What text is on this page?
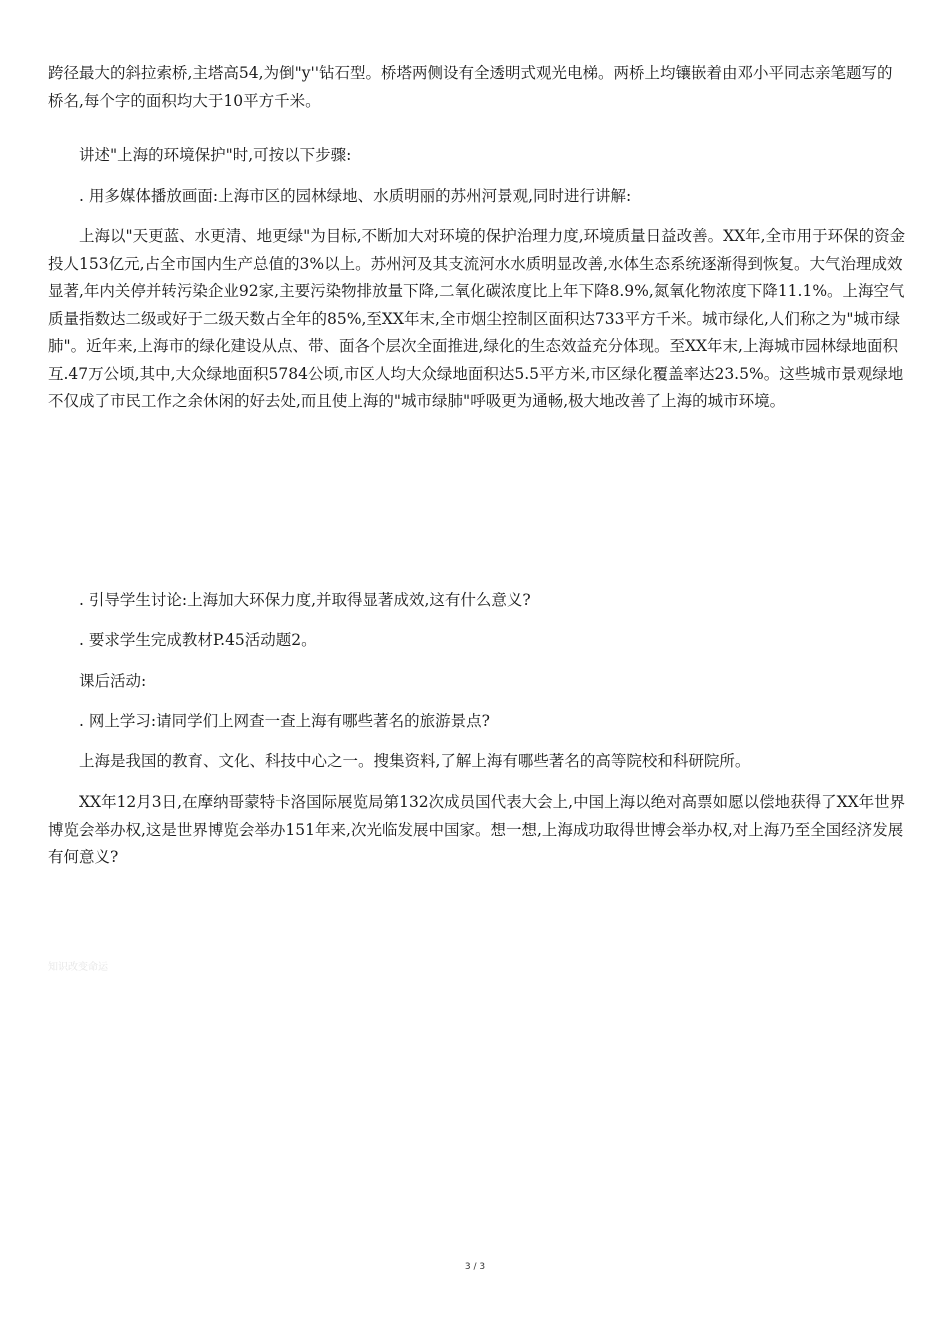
跨径最大的斜拉索桥,主塔高54,为倒"y''钻石型。桥塔两侧设有全透明式观光电梯。两桥上均镶嵌着由邓小平同志亲笔题写的桥名,每个字的面积均大于10平方千米。

讲述"上海的环境保护"时,可按以下步骤:

. 用多媒体播放画面:上海市区的园林绿地、水质明丽的苏州河景观,同时进行讲解:

上海以"天更蓝、水更清、地更绿"为目标,不断加大对环境的保护治理力度,环境质量日益改善。XX年,全市用于环保的资金投人153亿元,占全市国内生产总值的3%以上。苏州河及其支流河水水质明显改善,水体生态系统逐渐得到恢复。大气治理成效显著,年内关停并转污染企业92家,主要污染物排放量下降,二氧化碳浓度比上年下降8.9%,氮氧化物浓度下降11.1%。上海空气质量指数达二级或好于二级天数占全年的85%,至XX年末,全市烟尘控制区面积达733平方千米。城市绿化,人们称之为"城市绿肺"。近年来,上海市的绿化建设从点、带、面各个层次全面推进,绿化的生态效益充分体现。至XX年末,上海城市园林绿地面积互.47万公顷,其中,大众绿地面积5784公顷,市区人均大众绿地面积达5.5平方米,市区绿化覆盖率达23.5%。这些城市景观绿地不仅成了市民工作之余休闲的好去处,而且使上海的"城市绿肺"呼吸更为通畅,极大地改善了上海的城市环境。

. 引导学生讨论:上海加大环保力度,并取得显著成效,这有什么意义?

. 要求学生完成教材P.45活动题2。

课后活动:

. 网上学习:请同学们上网查一查上海有哪些著名的旅游景点?

上海是我国的教育、文化、科技中心之一。搜集资料,了解上海有哪些著名的高等院校和科研院所。

XX年12月3日,在摩纳哥蒙特卡洛国际展览局第132次成员国代表大会上,中国上海以绝对高票如愿以偿地获得了XX年世界博览会举办权,这是世界博览会举办151年来,次光临发展中国家。想一想,上海成功取得世博会举办权,对上海乃至全国经济发展有何意义?

知识改变命运
3 / 3
